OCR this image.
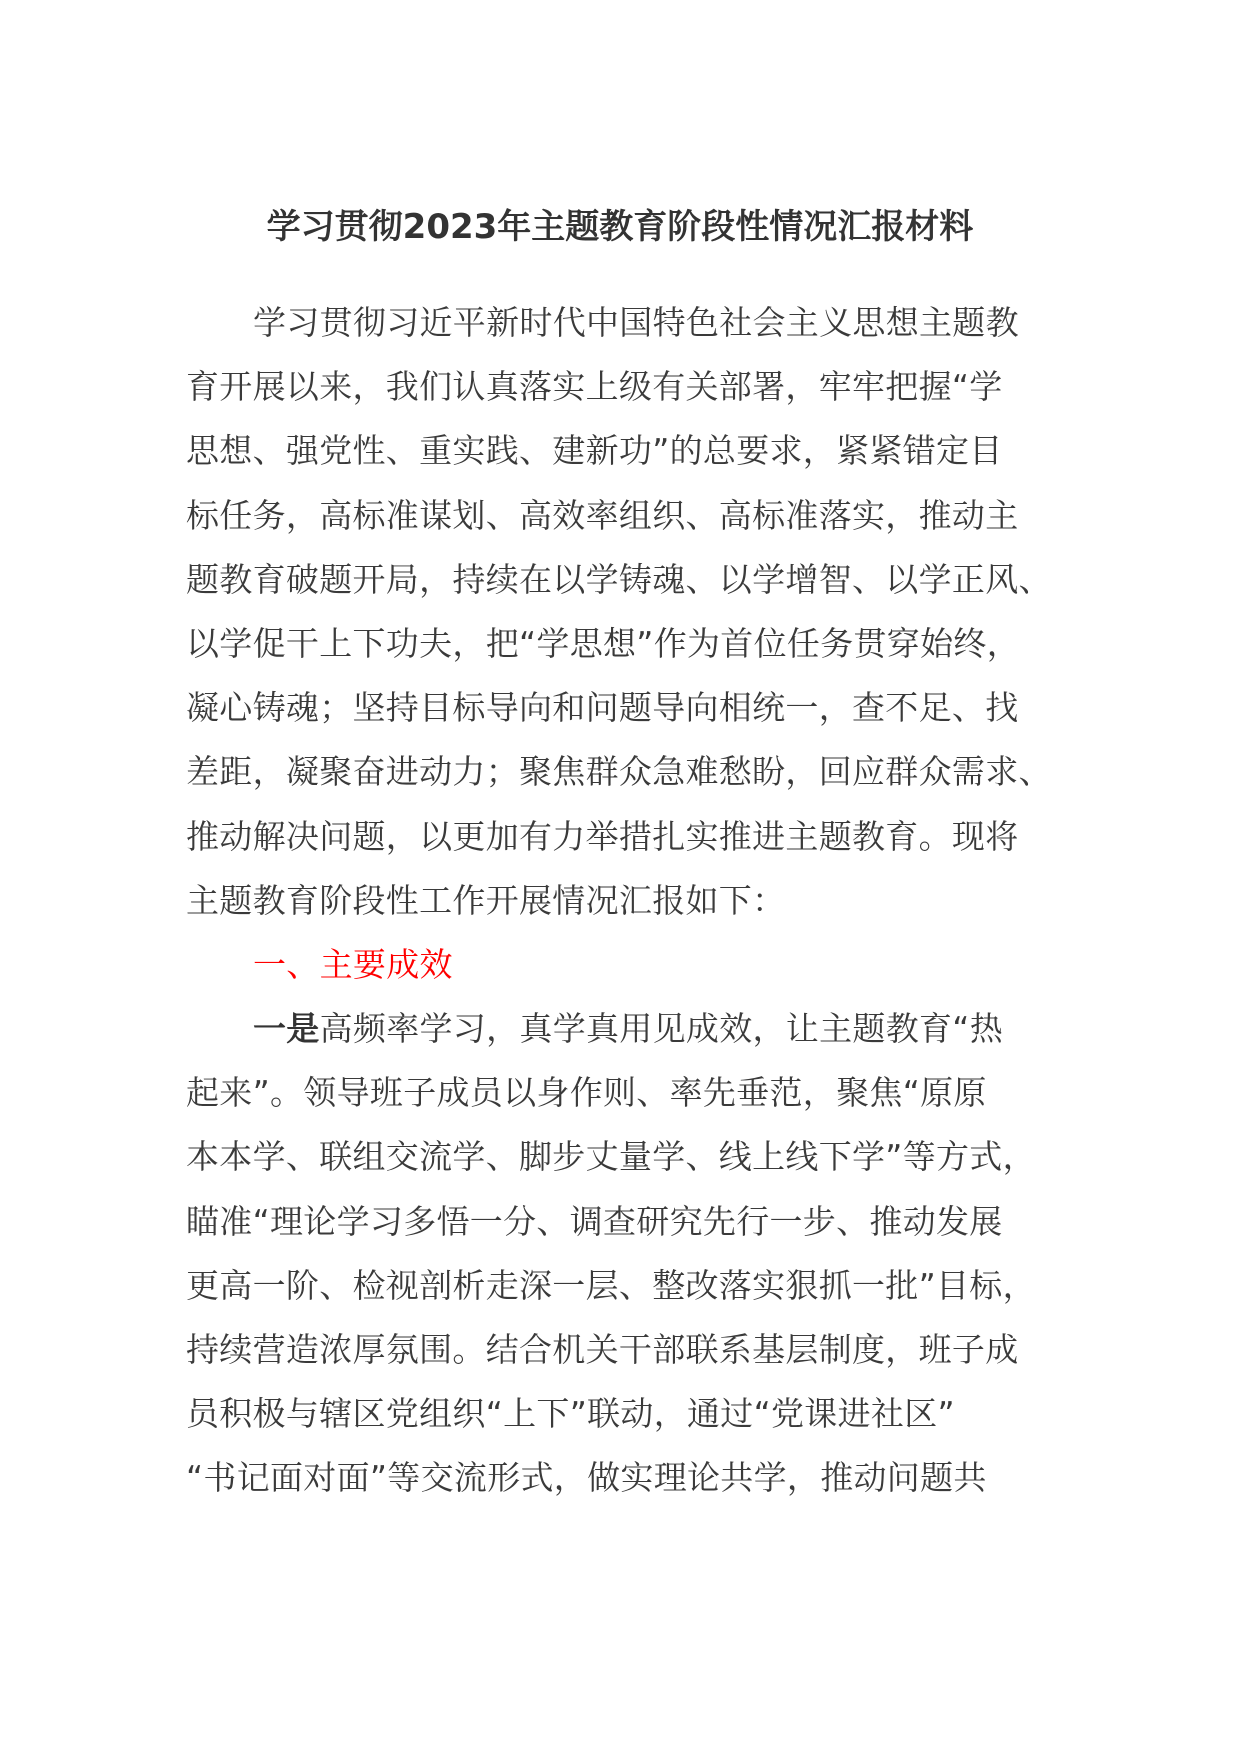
学习贯彻2023年主题教育阶段性情况汇报材料
学习贯彻习近平新时代中国特色社会主义思想主题教
育开展以来，我们认真落实上级有关部署，牢牢把握“学
思想、强党性、重实践、建新功”的总要求，紧紧错定目
标任务，高标准谋划、高效率组织、高标准落实，推动主
题教育破题开局，持续在以学铸魂、以学增智、以学正风、
以学促干上下功夫，把“学思想”作为首位任务贯穿始终，
凝心铸魂；坚持目标导向和问题导向相统一，查不足、找
差距，凝聚奋进动力；聚焦群众急难愁盼，回应群众需求、
推动解决问题，以更加有力举措扎实推进主题教育。现将
主题教育阶段性工作开展情况汇报如下：
一、主要成效
一是高频率学习，真学真用见成效，让主题教育“热
起来”。领导班子成员以身作则、率先垂范，聚焦“原原
本本学、联组交流学、脚步丈量学、线上线下学”等方式，
瞄准“理论学习多悟一分、调查研究先行一步、推动发展
更高一阶、检视剖析走深一层、整改落实狠抓一批”目标，
持续营造浓厚氛围。结合机关干部联系基层制度，班子成
员积极与辖区党组织“上下”联动，通过“党课进社区”
“书记面对面”等交流形式，做实理论共学，推动问题共
